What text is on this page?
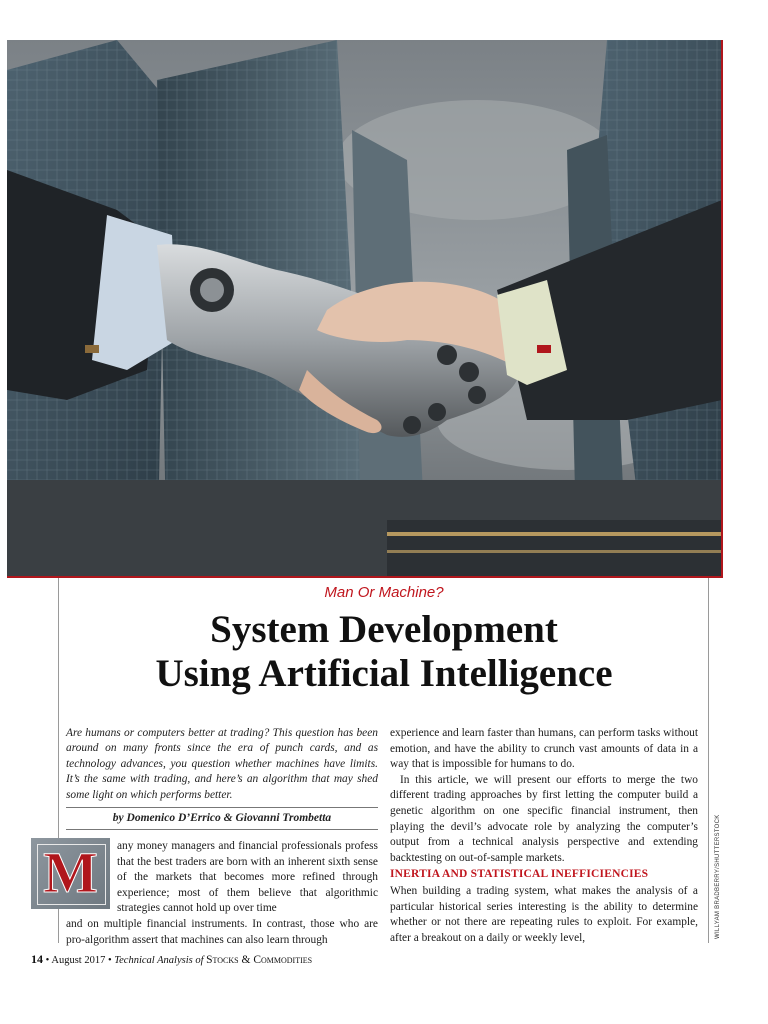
Man Or Machine?
System Development
Using Artificial Intelligence
Are humans or computers better at trading? This question has been around on many fronts since the era of punch cards, and as technology advances, you question whether machines have limits. It’s the same with trading, and here’s an algorithm that may shed some light on which performs better.
by Domenico D’Errico & Giovanni Trombetta
M	any money managers and financial professionals profess that the best traders are born with an inherent sixth sense of the markets that becomes more refined through experience; most of them believe that algorithmic strategies cannot hold up over time
and on multiple financial instruments. In contrast, those who are pro-algorithm assert that machines can also learn through

experience and learn faster than humans, can perform tasks without emotion, and have the ability to crunch vast amounts of data in a way that is impossible for humans to do.

In this article, we will present our efforts to merge the two different trading approaches by first letting the computer build a genetic algorithm on one specific financial instrument, then playing the devil’s advocate role by analyzing the computer’s output from a technical analysis perspective and extending backtesting on out-of-sample markets.

INERTIA AND STATISTICAL INEFFICIENCIES
When building a trading system, what makes the analysis of a particular historical series interesting is the ability to determine whether or not there are repeating rules to exploit. For example, after a breakout on a daily or weekly level,	WILLYAM BRADBERRY/SHUTTERSTOCK
14 • August 2017 • Technical Analysis of Stocks & Commodities
